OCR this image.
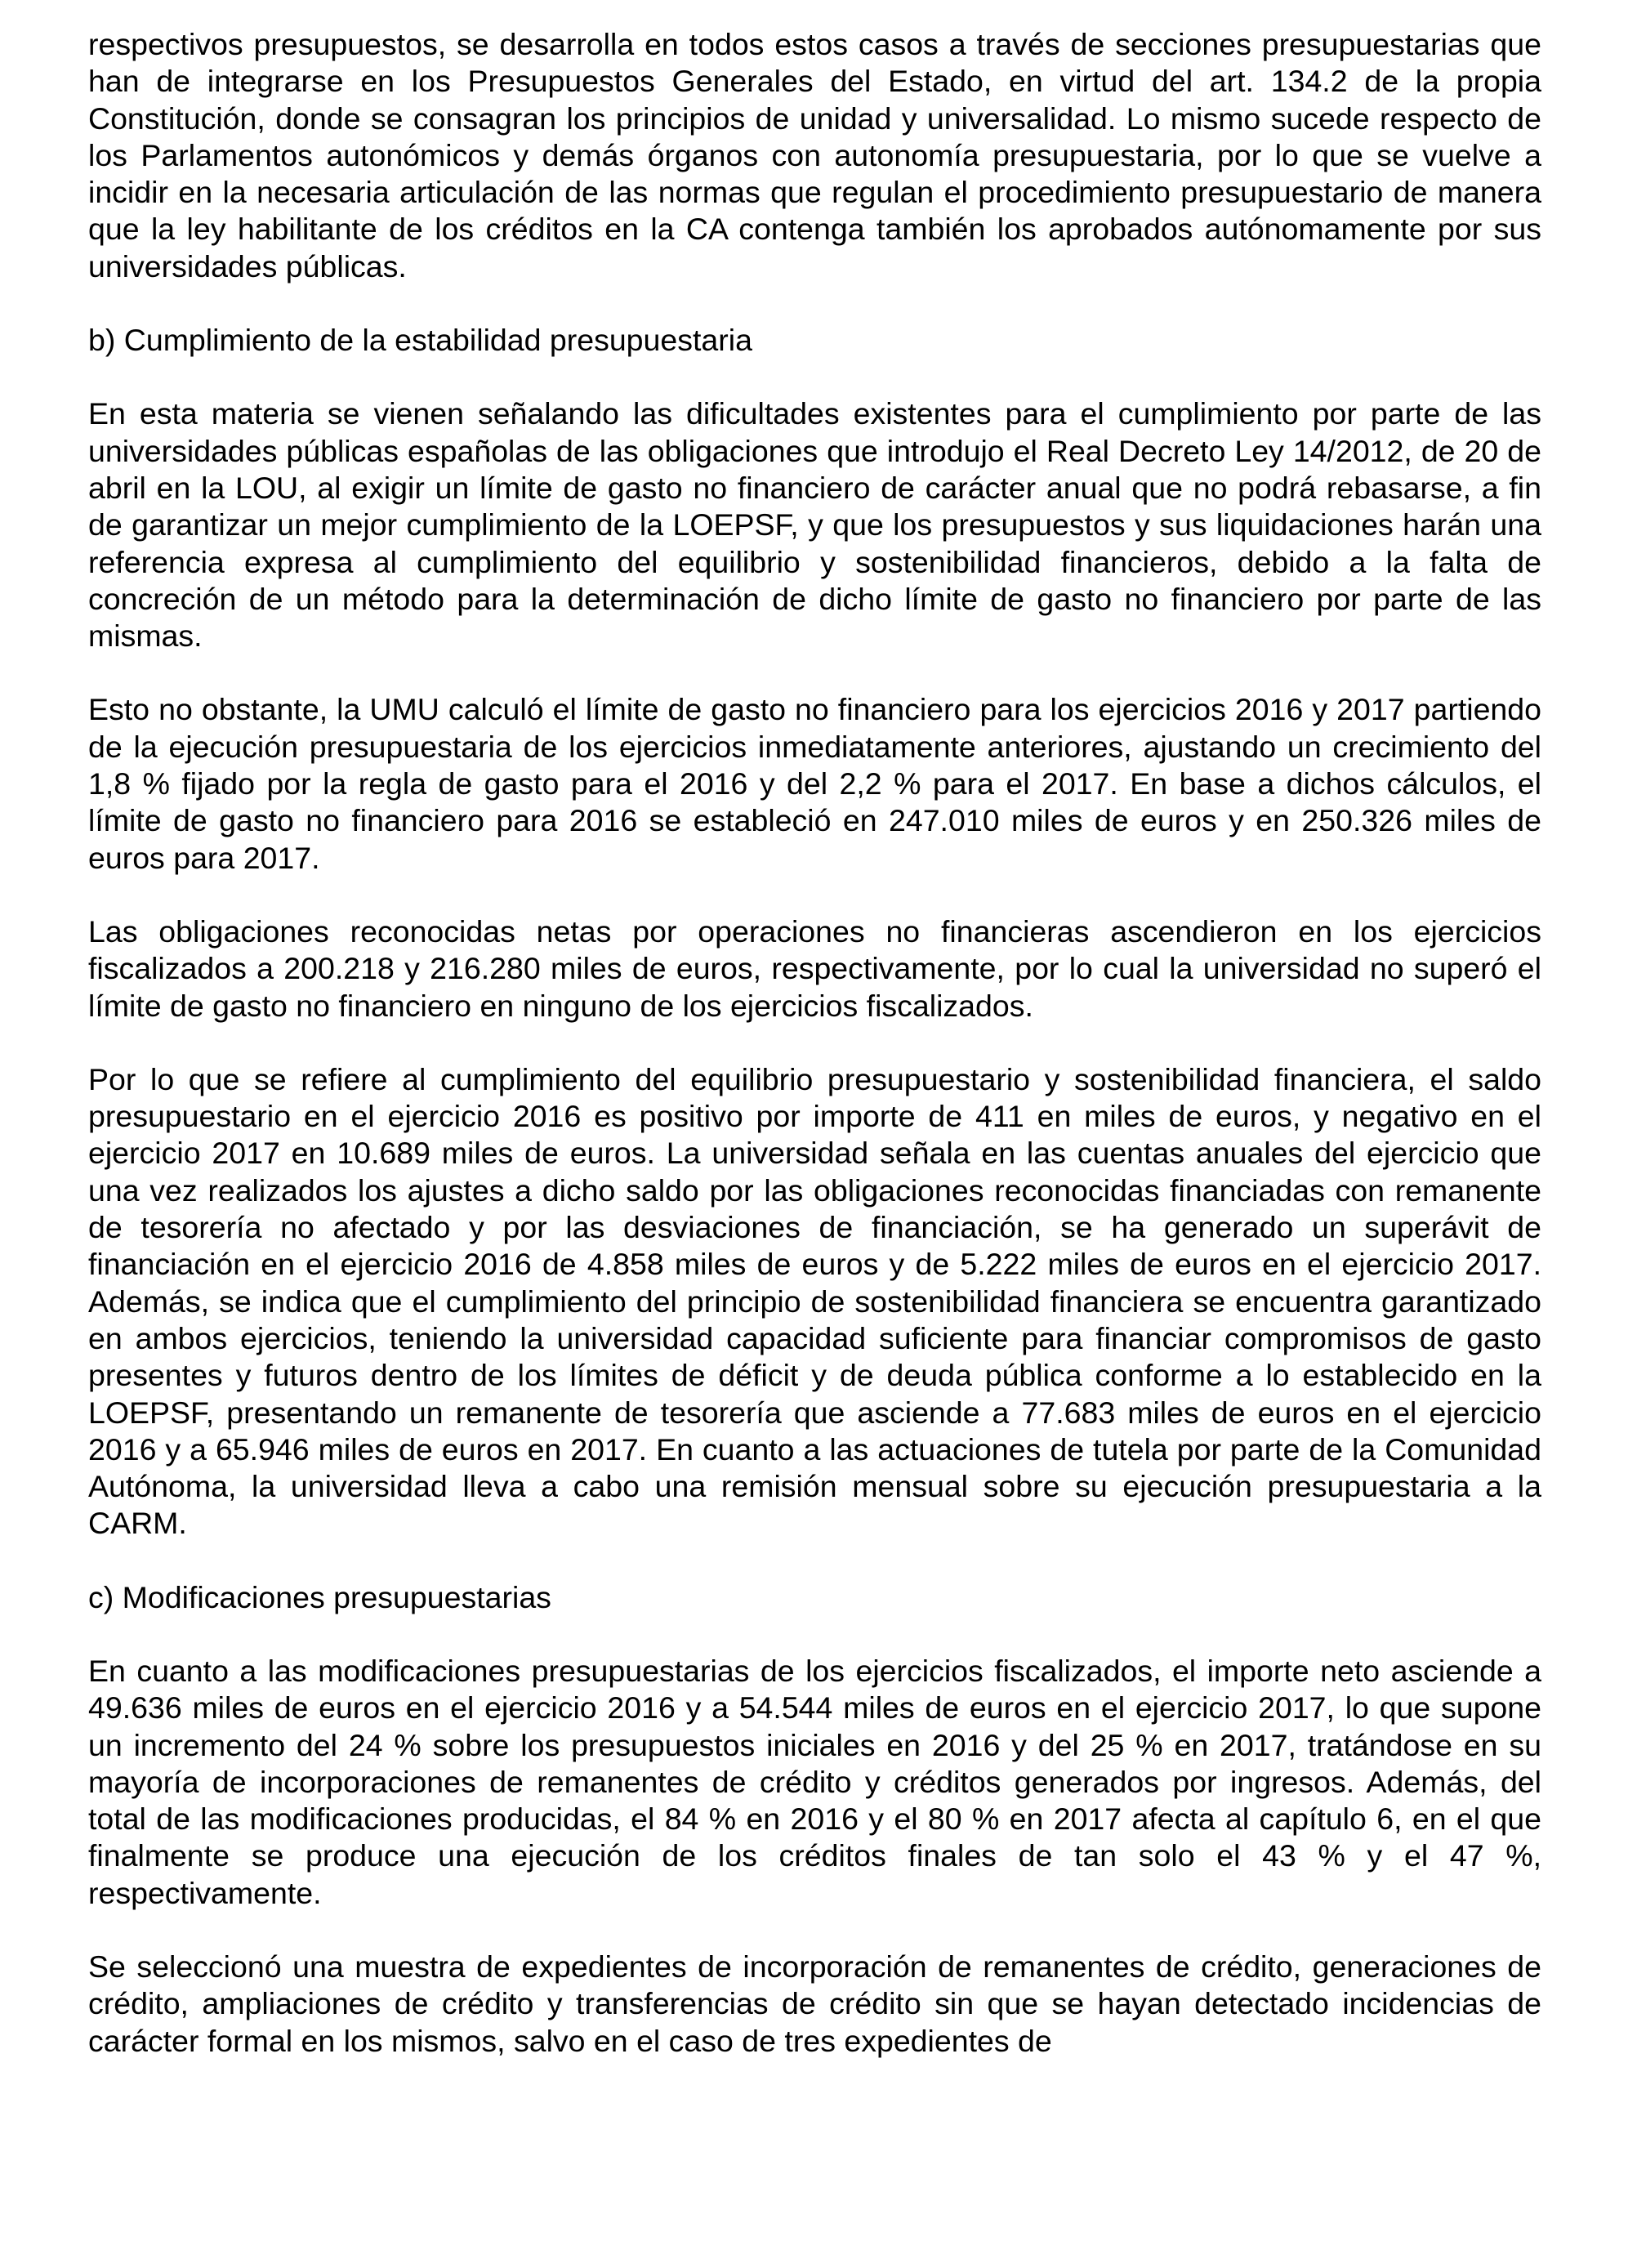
respectivos presupuestos, se desarrolla en todos estos casos a través de secciones presupuestarias que han de integrarse en los Presupuestos Generales del Estado, en virtud del art. 134.2 de la propia Constitución, donde se consagran los principios de unidad y universalidad. Lo mismo sucede respecto de los Parlamentos autonómicos y demás órganos con autonomía presupuestaria, por lo que se vuelve a incidir en la necesaria articulación de las normas que regulan el procedimiento presupuestario de manera que la ley habilitante de los créditos en la CA contenga también los aprobados autónomamente por sus universidades públicas.

b) Cumplimiento de la estabilidad presupuestaria

En esta materia se vienen señalando las dificultades existentes para el cumplimiento por parte de las universidades públicas españolas de las obligaciones que introdujo el Real Decreto Ley 14/2012, de 20 de abril en la LOU, al exigir un límite de gasto no financiero de carácter anual que no podrá rebasarse, a fin de garantizar un mejor cumplimiento de la LOEPSF, y que los presupuestos y sus liquidaciones harán una referencia expresa al cumplimiento del equilibrio y sostenibilidad financieros, debido a la falta de concreción de un método para la determinación de dicho límite de gasto no financiero por parte de las mismas.

Esto no obstante, la UMU calculó el límite de gasto no financiero para los ejercicios 2016 y 2017 partiendo de la ejecución presupuestaria de los ejercicios inmediatamente anteriores, ajustando un crecimiento del 1,8 % fijado por la regla de gasto para el 2016 y del 2,2 % para el 2017. En base a dichos cálculos, el límite de gasto no financiero para 2016 se estableció en 247.010 miles de euros y en 250.326 miles de euros para 2017.

Las obligaciones reconocidas netas por operaciones no financieras ascendieron en los ejercicios fiscalizados a 200.218 y 216.280 miles de euros, respectivamente, por lo cual la universidad no superó el límite de gasto no financiero en ninguno de los ejercicios fiscalizados.

Por lo que se refiere al cumplimiento del equilibrio presupuestario y sostenibilidad financiera, el saldo presupuestario en el ejercicio 2016 es positivo por importe de 411 en miles de euros, y negativo en el ejercicio 2017 en 10.689 miles de euros. La universidad señala en las cuentas anuales del ejercicio que una vez realizados los ajustes a dicho saldo por las obligaciones reconocidas financiadas con remanente de tesorería no afectado y por las desviaciones de financiación, se ha generado un superávit de financiación en el ejercicio 2016 de 4.858 miles de euros y de 5.222 miles de euros en el ejercicio 2017. Además, se indica que el cumplimiento del principio de sostenibilidad financiera se encuentra garantizado en ambos ejercicios, teniendo la universidad capacidad suficiente para financiar compromisos de gasto presentes y futuros dentro de los límites de déficit y de deuda pública conforme a lo establecido en la LOEPSF, presentando un remanente de tesorería que asciende a 77.683 miles de euros en el ejercicio 2016 y a 65.946 miles de euros en 2017. En cuanto a las actuaciones de tutela por parte de la Comunidad Autónoma, la universidad lleva a cabo una remisión mensual sobre su ejecución presupuestaria a la CARM.

c) Modificaciones presupuestarias

En cuanto a las modificaciones presupuestarias de los ejercicios fiscalizados, el importe neto asciende a 49.636 miles de euros en el ejercicio 2016 y a 54.544 miles de euros en el ejercicio 2017, lo que supone un incremento del 24 % sobre los presupuestos iniciales en 2016 y del 25 % en 2017, tratándose en su mayoría de incorporaciones de remanentes de crédito y créditos generados por ingresos. Además, del total de las modificaciones producidas, el 84 % en 2016 y el 80 % en 2017 afecta al capítulo 6, en el que finalmente se produce una ejecución de los créditos finales de tan solo el 43 % y el 47 %, respectivamente.

Se seleccionó una muestra de expedientes de incorporación de remanentes de crédito, generaciones de crédito, ampliaciones de crédito y transferencias de crédito sin que se hayan detectado incidencias de carácter formal en los mismos, salvo en el caso de tres expedientes de
